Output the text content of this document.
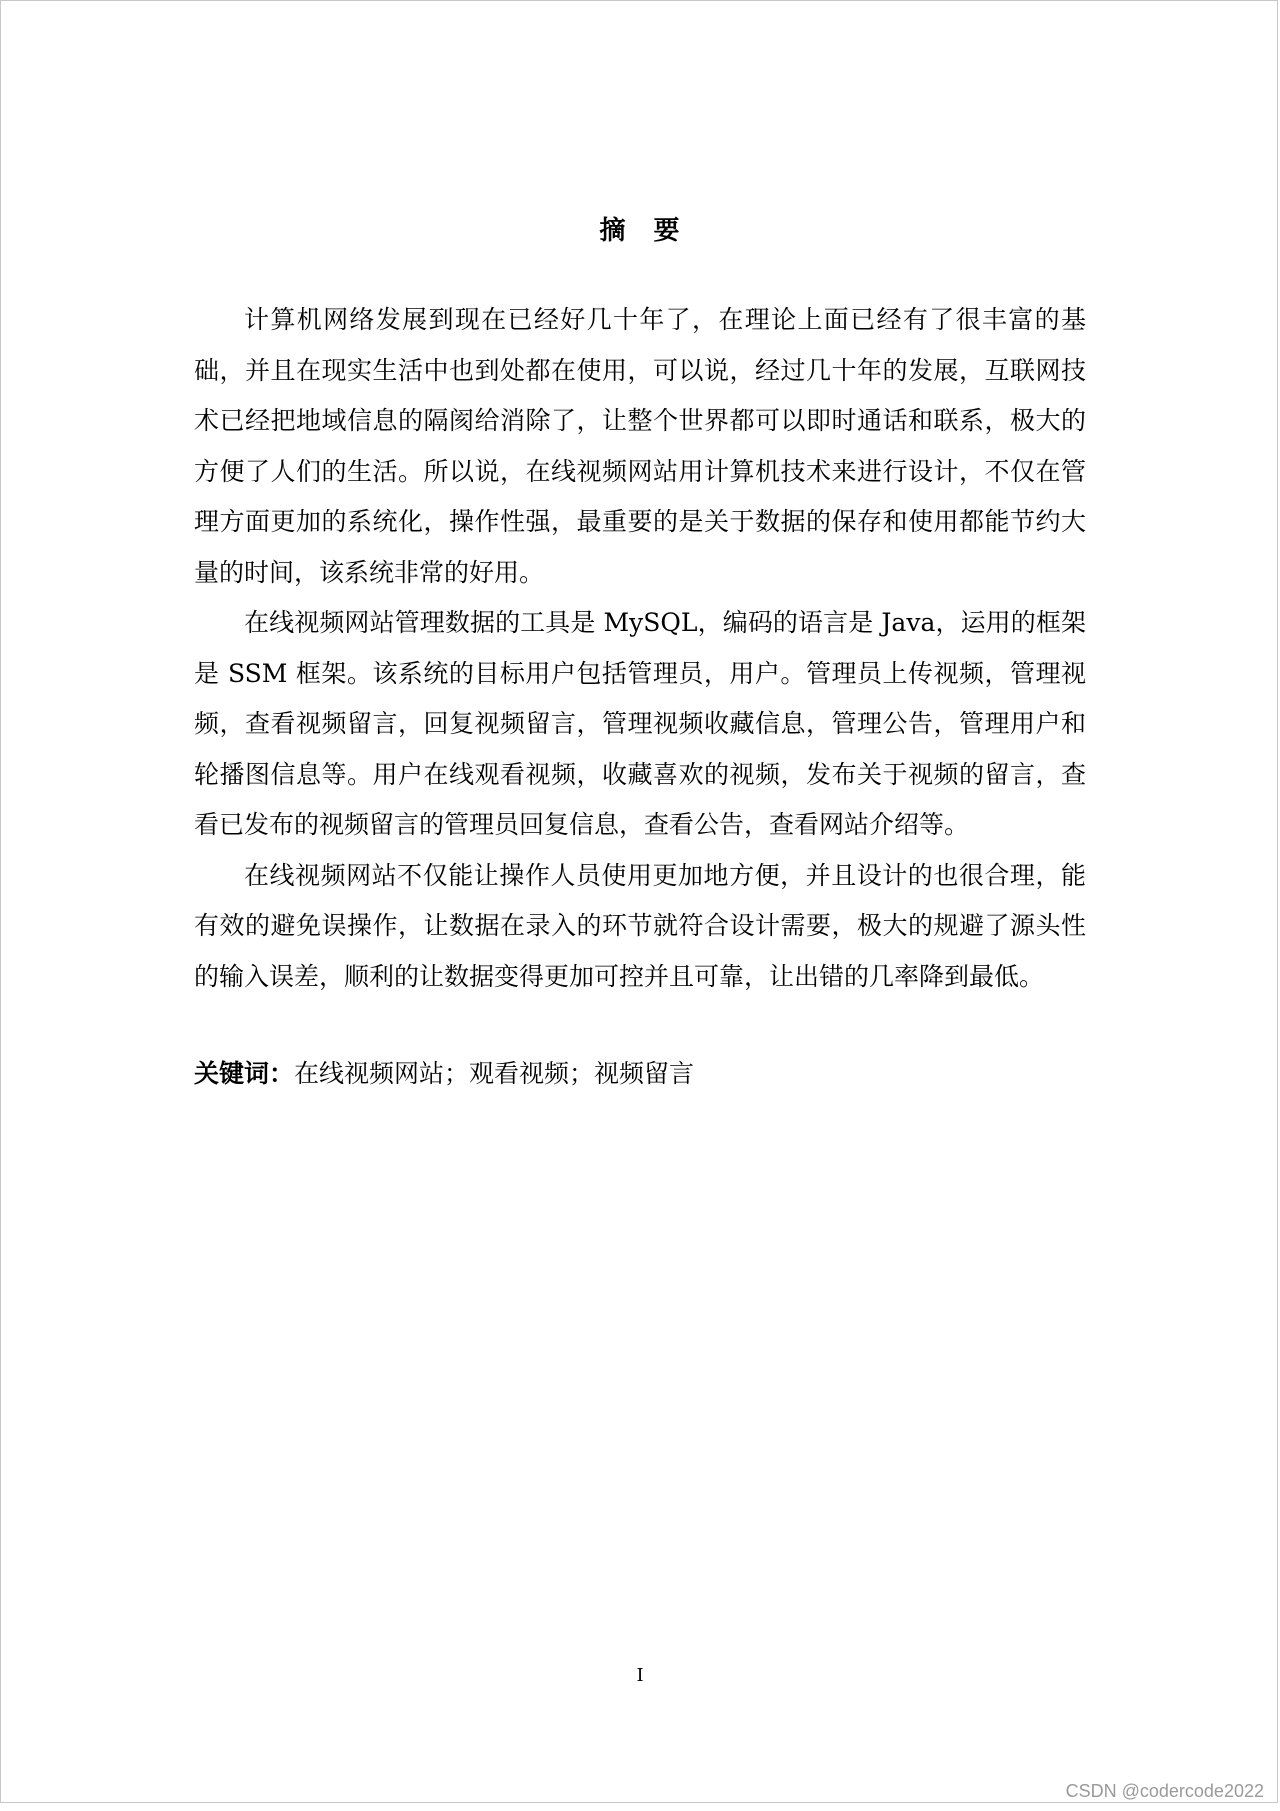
摘　要

计算机网络发展到现在已经好几十年了，在理论上面已经有了很丰富的基础，并且在现实生活中也到处都在使用，可以说，经过几十年的发展，互联网技术已经把地域信息的隔阂给消除了，让整个世界都可以即时通话和联系，极大的方便了人们的生活。所以说，在线视频网站用计算机技术来进行设计，不仅在管理方面更加的系统化，操作性强，最重要的是关于数据的保存和使用都能节约大量的时间，该系统非常的好用。

在线视频网站管理数据的工具是 MySQL，编码的语言是 Java，运用的框架是 SSM 框架。该系统的目标用户包括管理员，用户。管理员上传视频，管理视频，查看视频留言，回复视频留言，管理视频收藏信息，管理公告，管理用户和轮播图信息等。用户在线观看视频，收藏喜欢的视频，发布关于视频的留言，查看已发布的视频留言的管理员回复信息，查看公告，查看网站介绍等。

在线视频网站不仅能让操作人员使用更加地方便，并且设计的也很合理，能有效的避免误操作，让数据在录入的环节就符合设计需要，极大的规避了源头性的输入误差，顺利的让数据变得更加可控并且可靠，让出错的几率降到最低。

关键词：在线视频网站；观看视频；视频留言

I

CSDN @codercode2022
